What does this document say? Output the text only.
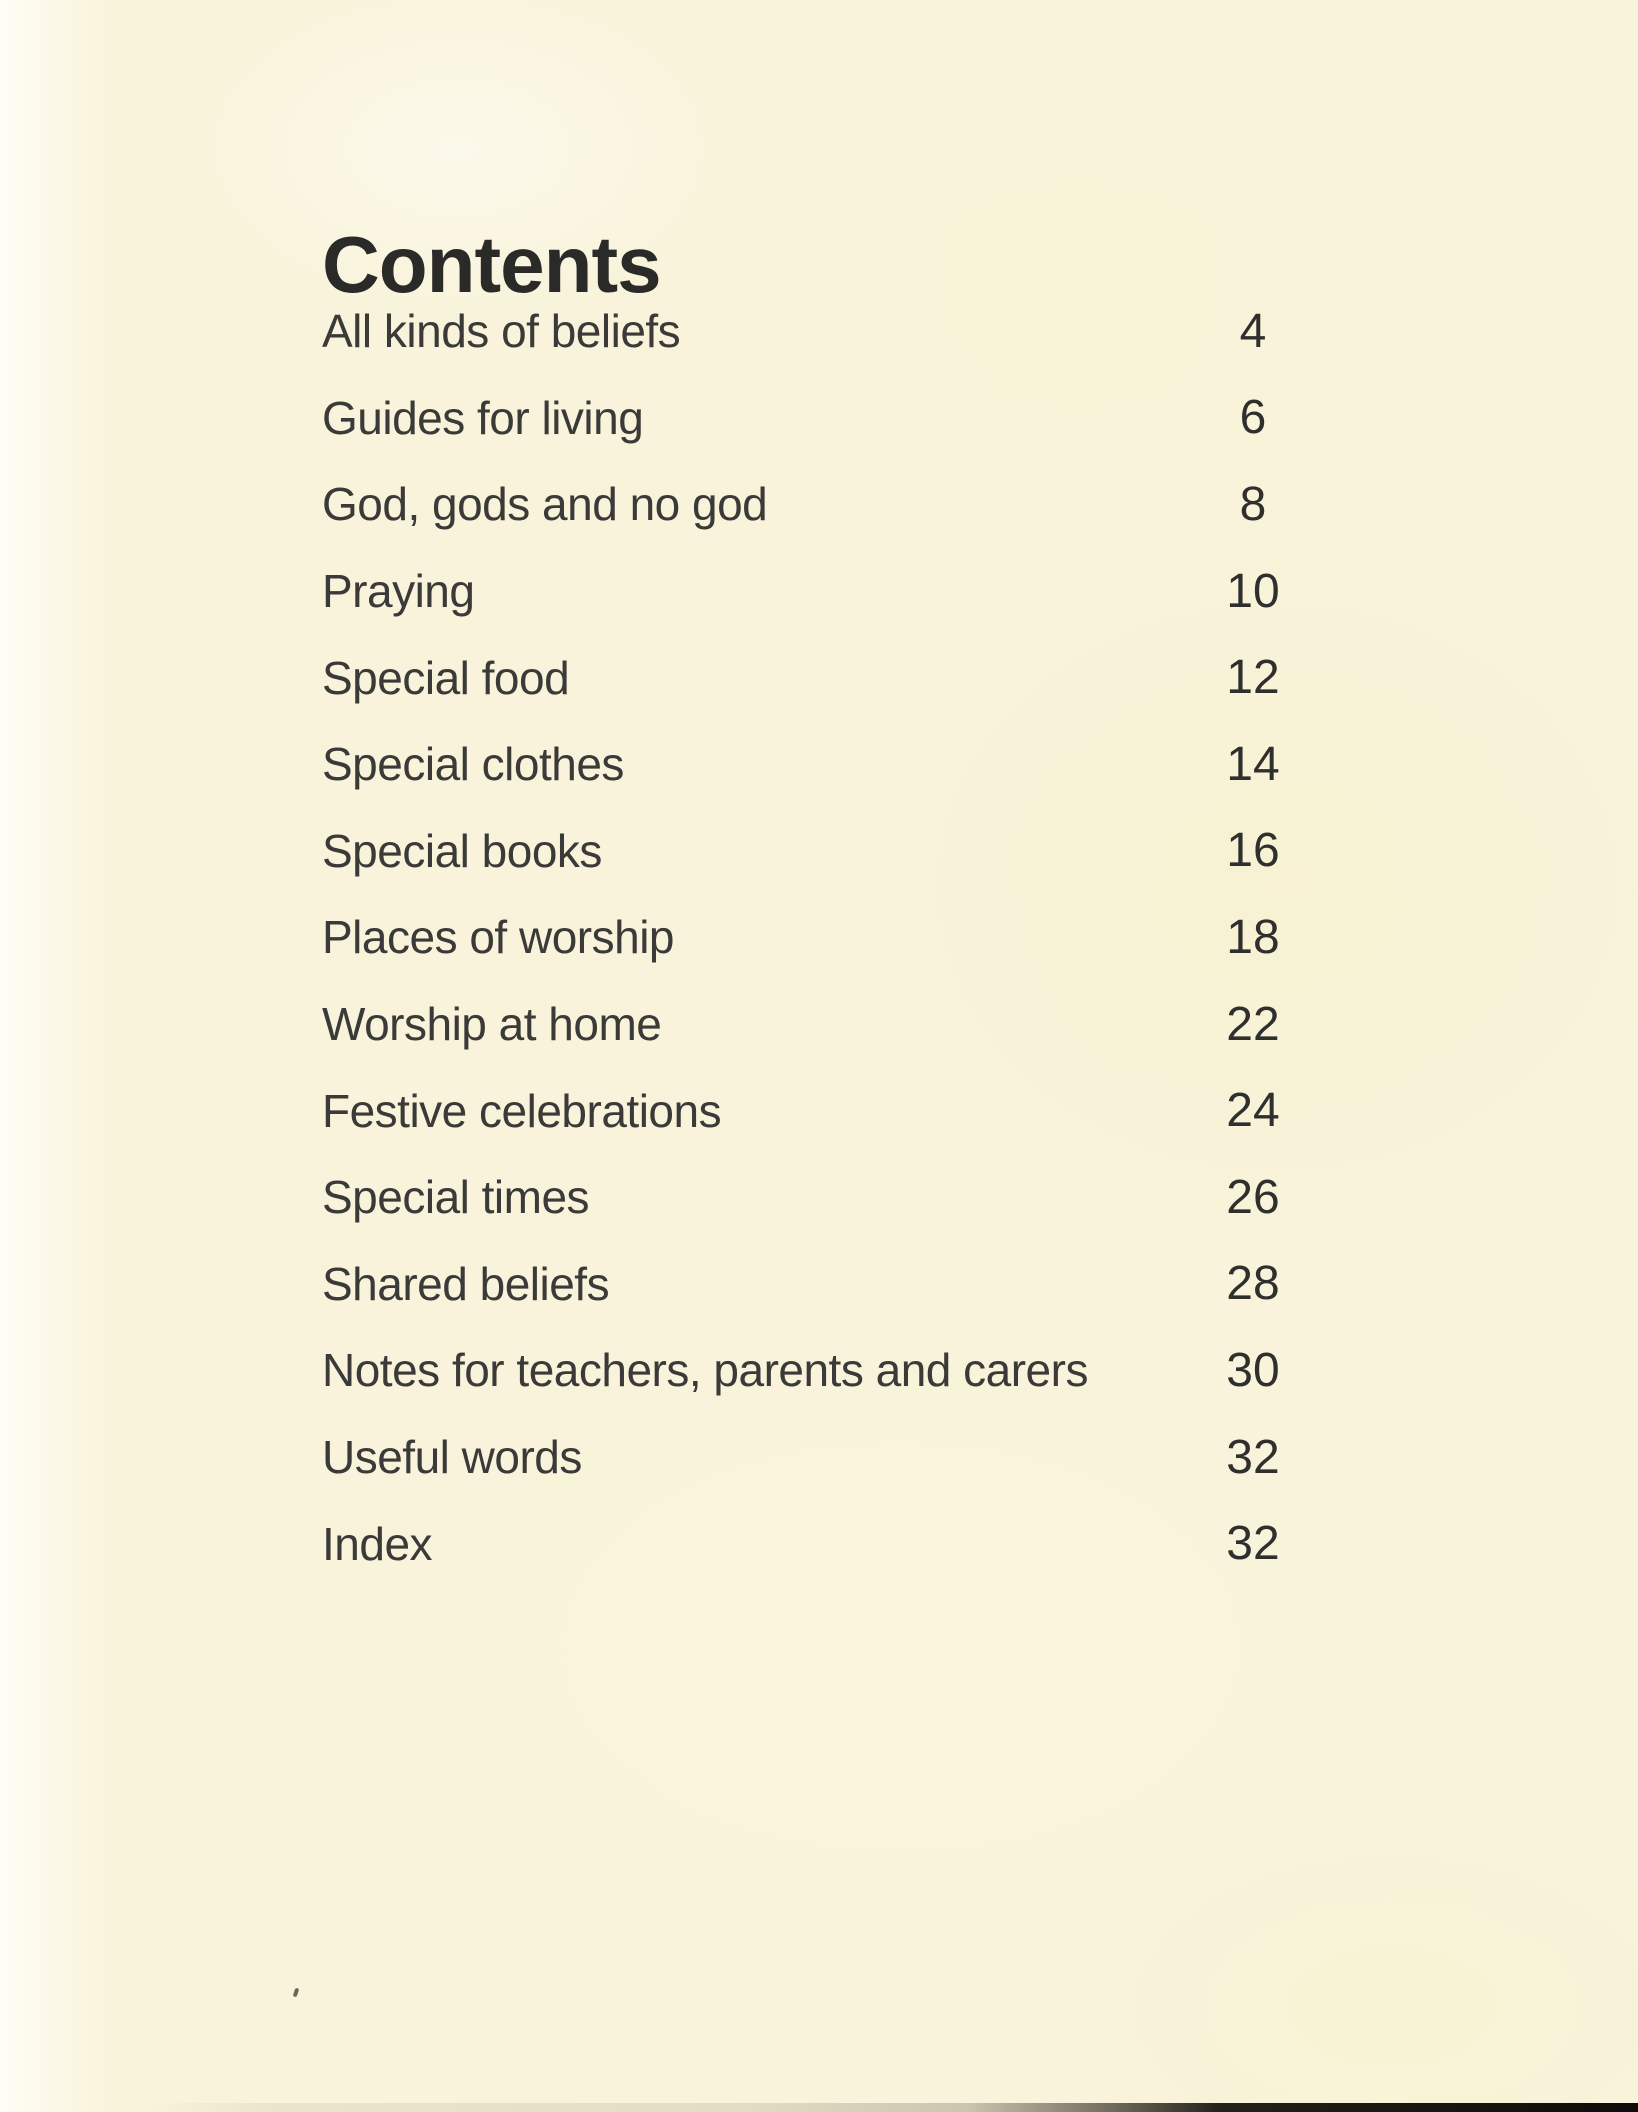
Contents
All kinds of beliefs	4
Guides for living	6
God, gods and no god	8
Praying	10
Special food	12
Special clothes	14
Special books	16
Places of worship	18
Worship at home	22
Festive celebrations	24
Special times	26
Shared beliefs	28
Notes for teachers, parents and carers	30
Useful words	32
Index	32
